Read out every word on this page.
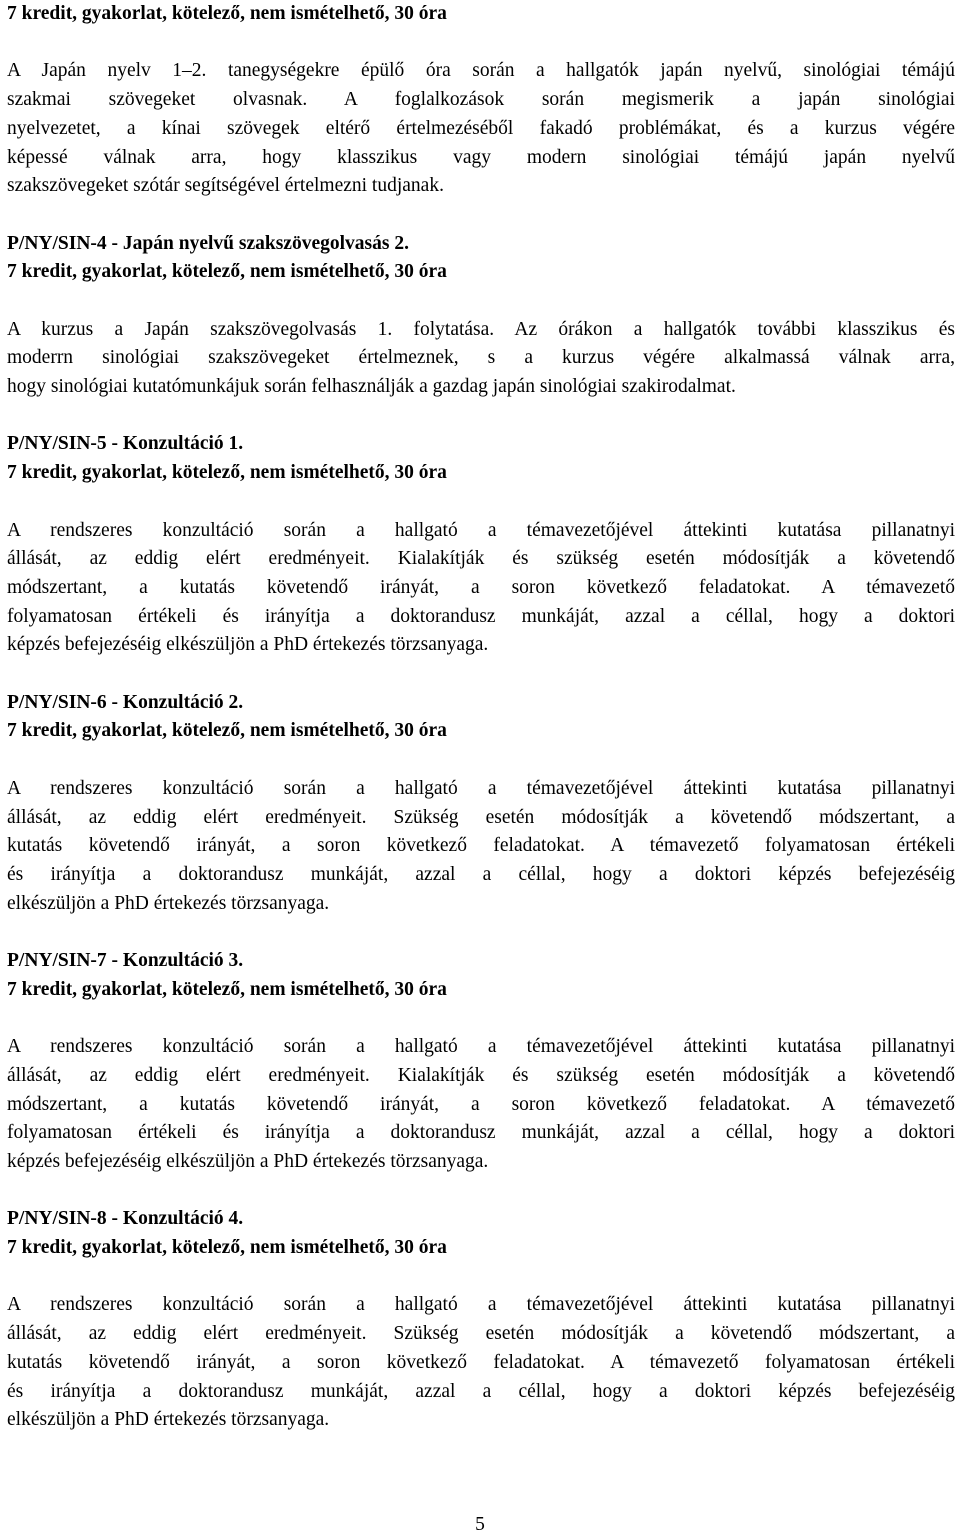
7 kredit, gyakorlat, kötelező, nem ismételhető, 30 óra
A Japán nyelv 1–2. tanegységekre épülő óra során a hallgatók japán nyelvű, sinológiai témájú
szakmai szövegeket olvasnak. A foglalkozások során megismerik a japán sinológiai
nyelvezetet, a kínai szövegek eltérő értelmezéséből fakadó problémákat, és a kurzus végére
képessé válnak arra, hogy klasszikus vagy modern sinológiai témájú japán nyelvű
szakszövegeket szótár segítségével értelmezni tudjanak.
P/NY/SIN-4 - Japán nyelvű szakszövegolvasás 2.
7 kredit, gyakorlat, kötelező, nem ismételhető, 30 óra
A kurzus a Japán szakszövegolvasás 1. folytatása. Az órákon a hallgatók további klasszikus és
moderrn sinológiai szakszövegeket értelmeznek, s a kurzus végére alkalmassá válnak arra,
hogy sinológiai kutatómunkájuk során felhasználják a gazdag japán sinológiai szakirodalmat.
P/NY/SIN-5 - Konzultáció 1.
7 kredit, gyakorlat, kötelező, nem ismételhető, 30 óra
A rendszeres konzultáció során a hallgató a témavezetőjével áttekinti kutatása pillanatnyi
állását, az eddig elért eredményeit. Kialakítják és szükség esetén módosítják a követendő
módszertant, a kutatás követendő irányát, a soron következő feladatokat. A témavezető
folyamatosan értékeli és irányítja a doktorandusz munkáját, azzal a céllal, hogy a doktori
képzés befejezéséig elkészüljön a PhD értekezés törzsanyaga.
P/NY/SIN-6 - Konzultáció 2.
7 kredit, gyakorlat, kötelező, nem ismételhető, 30 óra
A rendszeres konzultáció során a hallgató a témavezetőjével áttekinti kutatása pillanatnyi
állását, az eddig elért eredményeit. Szükség esetén módosítják a követendő módszertant, a
kutatás követendő irányát, a soron következő feladatokat. A témavezető folyamatosan értékeli
és irányítja a doktorandusz munkáját, azzal a céllal, hogy a doktori képzés befejezéséig
elkészüljön a PhD értekezés törzsanyaga.
P/NY/SIN-7 - Konzultáció 3.
7 kredit, gyakorlat, kötelező, nem ismételhető, 30 óra
A rendszeres konzultáció során a hallgató a témavezetőjével áttekinti kutatása pillanatnyi
állását, az eddig elért eredményeit. Kialakítják és szükség esetén módosítják a követendő
módszertant, a kutatás követendő irányát, a soron következő feladatokat. A témavezető
folyamatosan értékeli és irányítja a doktorandusz munkáját, azzal a céllal, hogy a doktori
képzés befejezéséig elkészüljön a PhD értekezés törzsanyaga.
P/NY/SIN-8 - Konzultáció 4.
7 kredit, gyakorlat, kötelező, nem ismételhető, 30 óra
A rendszeres konzultáció során a hallgató a témavezetőjével áttekinti kutatása pillanatnyi
állását, az eddig elért eredményeit. Szükség esetén módosítják a követendő módszertant, a
kutatás követendő irányát, a soron következő feladatokat. A témavezető folyamatosan értékeli
és irányítja a doktorandusz munkáját, azzal a céllal, hogy a doktori képzés befejezéséig
elkészüljön a PhD értekezés törzsanyaga.
5
